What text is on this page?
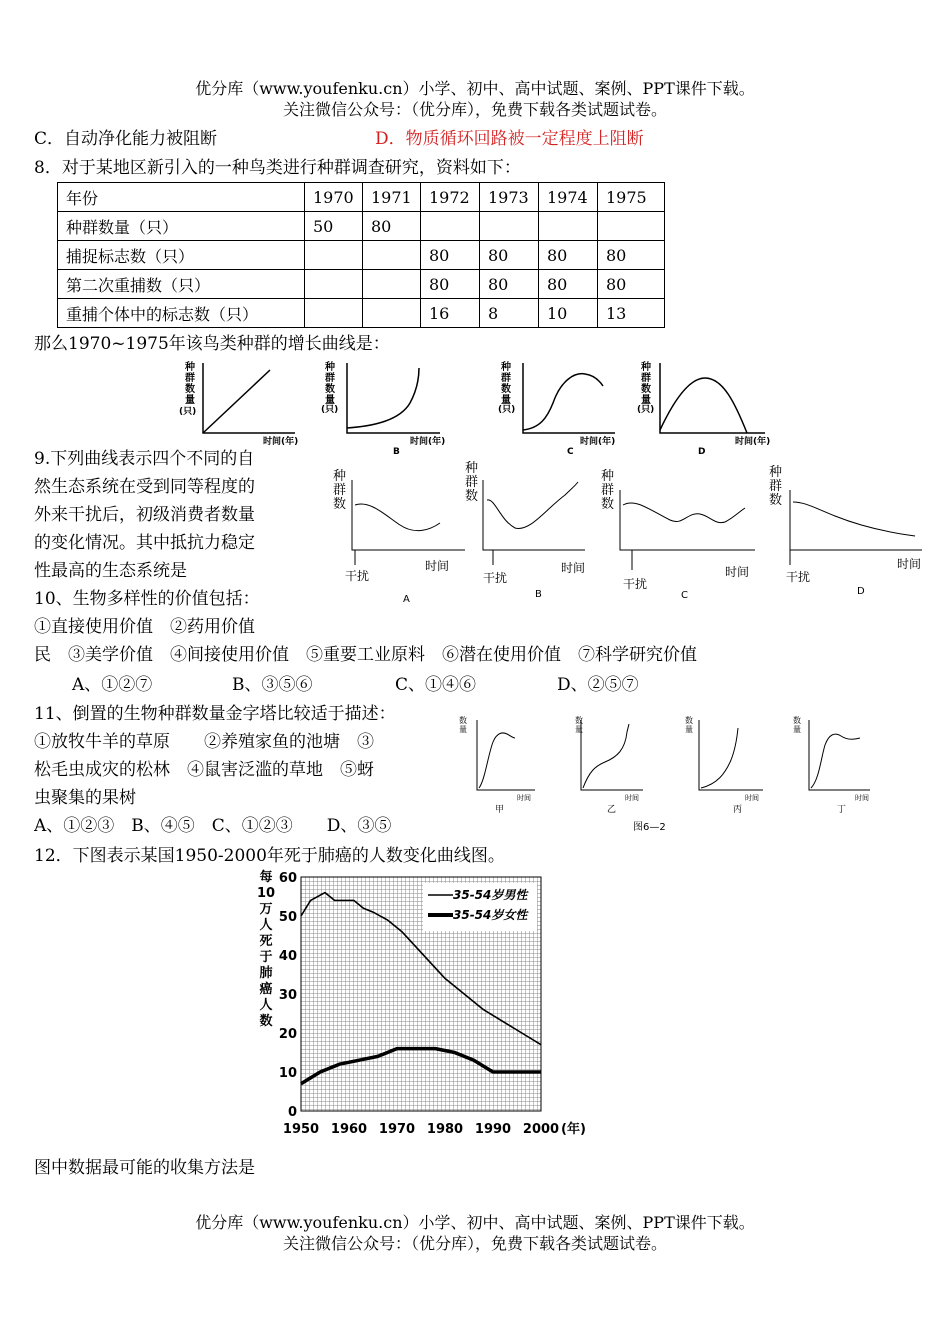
优分库（www.youfenku.cn）小学、初中、高中试题、案例、PPT课件下载。
关注微信公众号：（优分库），免费下载各类试题试卷。
C．自动净化能力被阻断	D．物质循环回路被一定程度上阻断
8．对于某地区新引入的一种鸟类进行种群调查研究，资料如下：
年份	1970	1971	1972	1973	1974	1975
种群数量（只）	50	80				
捕捉标志数（只）			80	80	80	80
第二次重捕数（只）			80	80	80	80
重捕个体中的标志数（只）			16	8	10	13
那么1970~1975年该鸟类种群的增长曲线是：
种
群
数
量
(只)
时间(年)
种
群
数
量
(只)
时间(年)
B
种
群
数
量
(只)
时间(年)
C
种
群
数
量
(只)
时间(年)
D
9.下列曲线表示四个不同的自
然生态系统在受到同等程度的
外来干扰后，初级消费者数量
的变化情况。其中抵抗力稳定
性最高的生态系统是
种
群
数
干扰
时间
A
种
群
数
干扰
时间
B
种
群
数
干扰
时间
C
种
群
数
干扰
时间
D
10、生物多样性的价值包括：
①直接使用价值　②药用价值
民　③美学价值　④间接使用价值　⑤重要工业原料　⑥潜在使用价值　⑦科学研究价值
A、①②⑦	B、③⑤⑥	C、①④⑥	D、②⑤⑦
11、倒置的生物种群数量金字塔比较适于描述：
①放牧牛羊的草原　　②养殖家鱼的池塘　③
松毛虫成灾的松林　④鼠害泛滥的草地　⑤蚜
虫聚集的果树
A、①②③　B、④⑤　C、①②③　　D、③⑤
数
量
时间
甲
数
量
时间
乙
数
量
时间
丙
数
量
时间
丁
图6—2
12．下图表示某国1950-2000年死于肺癌的人数变化曲线图。
每
10
万
人
死
于
肺
癌
人
数
0
10
20
30
40
50
60
1950 1960 1970 1980 1990 2000 (年)
35-54岁男性
35-54岁女性
图中数据最可能的收集方法是
优分库（www.youfenku.cn）小学、初中、高中试题、案例、PPT课件下载。
关注微信公众号：（优分库），免费下载各类试题试卷。
